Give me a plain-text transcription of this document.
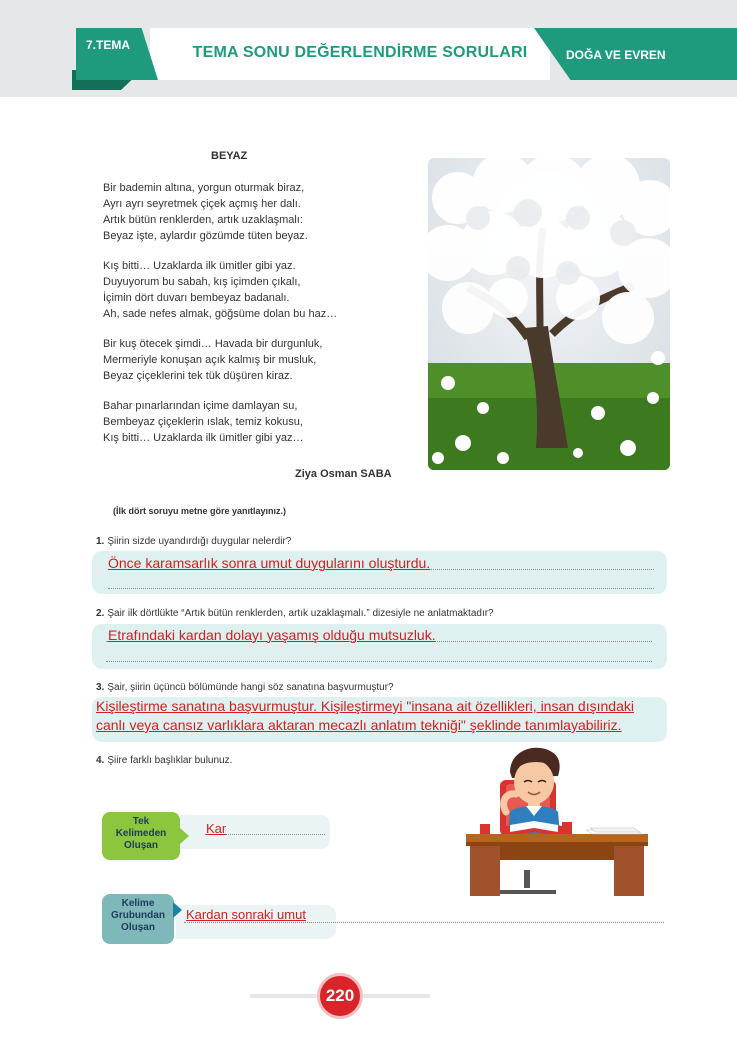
7.TEMA	TEMA SONU DEĞERLENDİRME SORULARI	DOĞA VE EVREN
BEYAZ
Bir bademin altına, yorgun oturmak biraz,
Ayrı ayrı seyretmek çiçek açmış her dalı.
Artık bütün renklerden, artık uzaklaşmalı:
Beyaz işte, aylardır gözümde tüten beyaz.
Kış bitti… Uzaklarda ilk ümitler gibi yaz.
Duyuyorum bu sabah, kış içimden çıkalı,
İçimin dört duvarı bembeyaz badanalı.
Ah, sade nefes almak, göğsüme dolan bu haz…
Bir kuş ötecek şimdi… Havada bir durgunluk,
Mermeriyle konuşan açık kalmış bir musluk,
Beyaz çiçeklerini tek tük düşüren kiraz.
Bahar pınarlarından içime damlayan su,
Bembeyaz çiçeklerin ıslak, temiz kokusu,
Kış bitti… Uzaklarda ilk ümitler gibi yaz…
Ziya Osman SABA
(İlk dört soruyu metne göre yanıtlayınız.)
1. Şiirin sizde uyandırdığı duygular nelerdir?
Önce karamsarlık sonra umut duygularını oluşturdu.
2. Şair ilk dörtlükte “Artık bütün renklerden, artık uzaklaşmalı.” dizesiyle ne anlatmaktadır?
Etrafındaki kardan dolayı yaşamış olduğu mutsuzluk.
3. Şair, şiirin üçüncü bölümünde hangi söz sanatına başvurmuştur?
Kişileştirme sanatına başvurmuştur. Kişileştirmeyi "insana ait özellikleri, insan dışındaki
canlı veya cansız varlıklara aktaran mecazlı anlatım tekniği" şeklinde tanımlayabiliriz.
4. Şiire farklı başlıklar bulunuz.
Tek
Kelimeden
Oluşan
Kar
Kelime
Grubundan
Oluşan
Kardan sonraki umut
220
